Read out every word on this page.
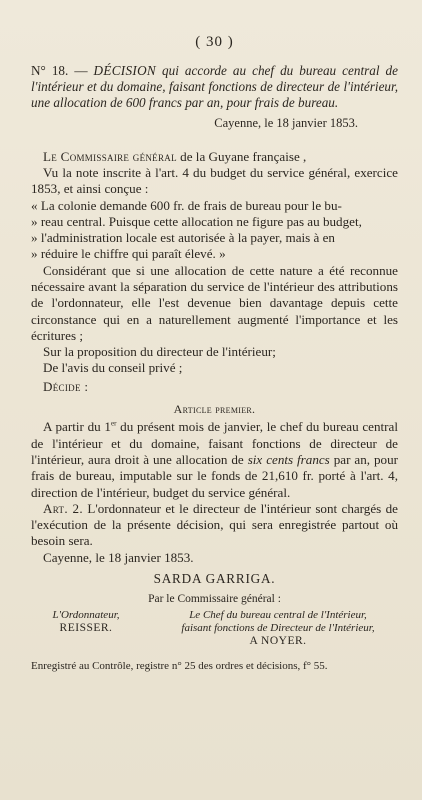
( 30 )
N° 18. — DÉCISION qui accorde au chef du bureau central de l'intérieur et du domaine, faisant fonctions de directeur de l'intérieur, une allocation de 600 francs par an, pour frais de bureau.
Cayenne, le 18 janvier 1853.

Le Commissaire général de la Guyane française ,

Vu la note inscrite à l'art. 4 du budget du service général, exercice 1853, et ainsi conçue :

« La colonie demande 600 fr. de frais de bureau pour le bu-

» reau central. Puisque cette allocation ne figure pas au budget,

» l'administration locale est autorisée à la payer, mais à en

» réduire le chiffre qui paraît élevé. »

Considérant que si une allocation de cette nature a été reconnue nécessaire avant la séparation du service de l'intérieur des attributions de l'ordonnateur, elle l'est devenue bien davantage depuis cette circonstance qui en a naturellement augmenté l'importance et les écritures ;

Sur la proposition du directeur de l'intérieur;

De l'avis du conseil privé ;

Décide :

Article premier.

A partir du 1er du présent mois de janvier, le chef du bureau central de l'intérieur et du domaine, faisant fonctions de directeur de l'intérieur, aura droit à une allocation de six cents francs par an, pour frais de bureau, imputable sur le fonds de 21,610 fr. porté à l'art. 4, direction de l'intérieur, budget du service général.

Art. 2. L'ordonnateur et le directeur de l'intérieur sont chargés de l'exécution de la présente décision, qui sera enregistrée partout où besoin sera.

Cayenne, le 18 janvier 1853.

SARDA GARRIGA.
Par le Commissaire général :
L'Ordonnateur,
REISSER.
Le Chef du bureau central de l'Intérieur,
faisant fonctions de Directeur de l'Intérieur,
A NOYER.
Enregistré au Contrôle, registre n° 25 des ordres et décisions, f° 55.
